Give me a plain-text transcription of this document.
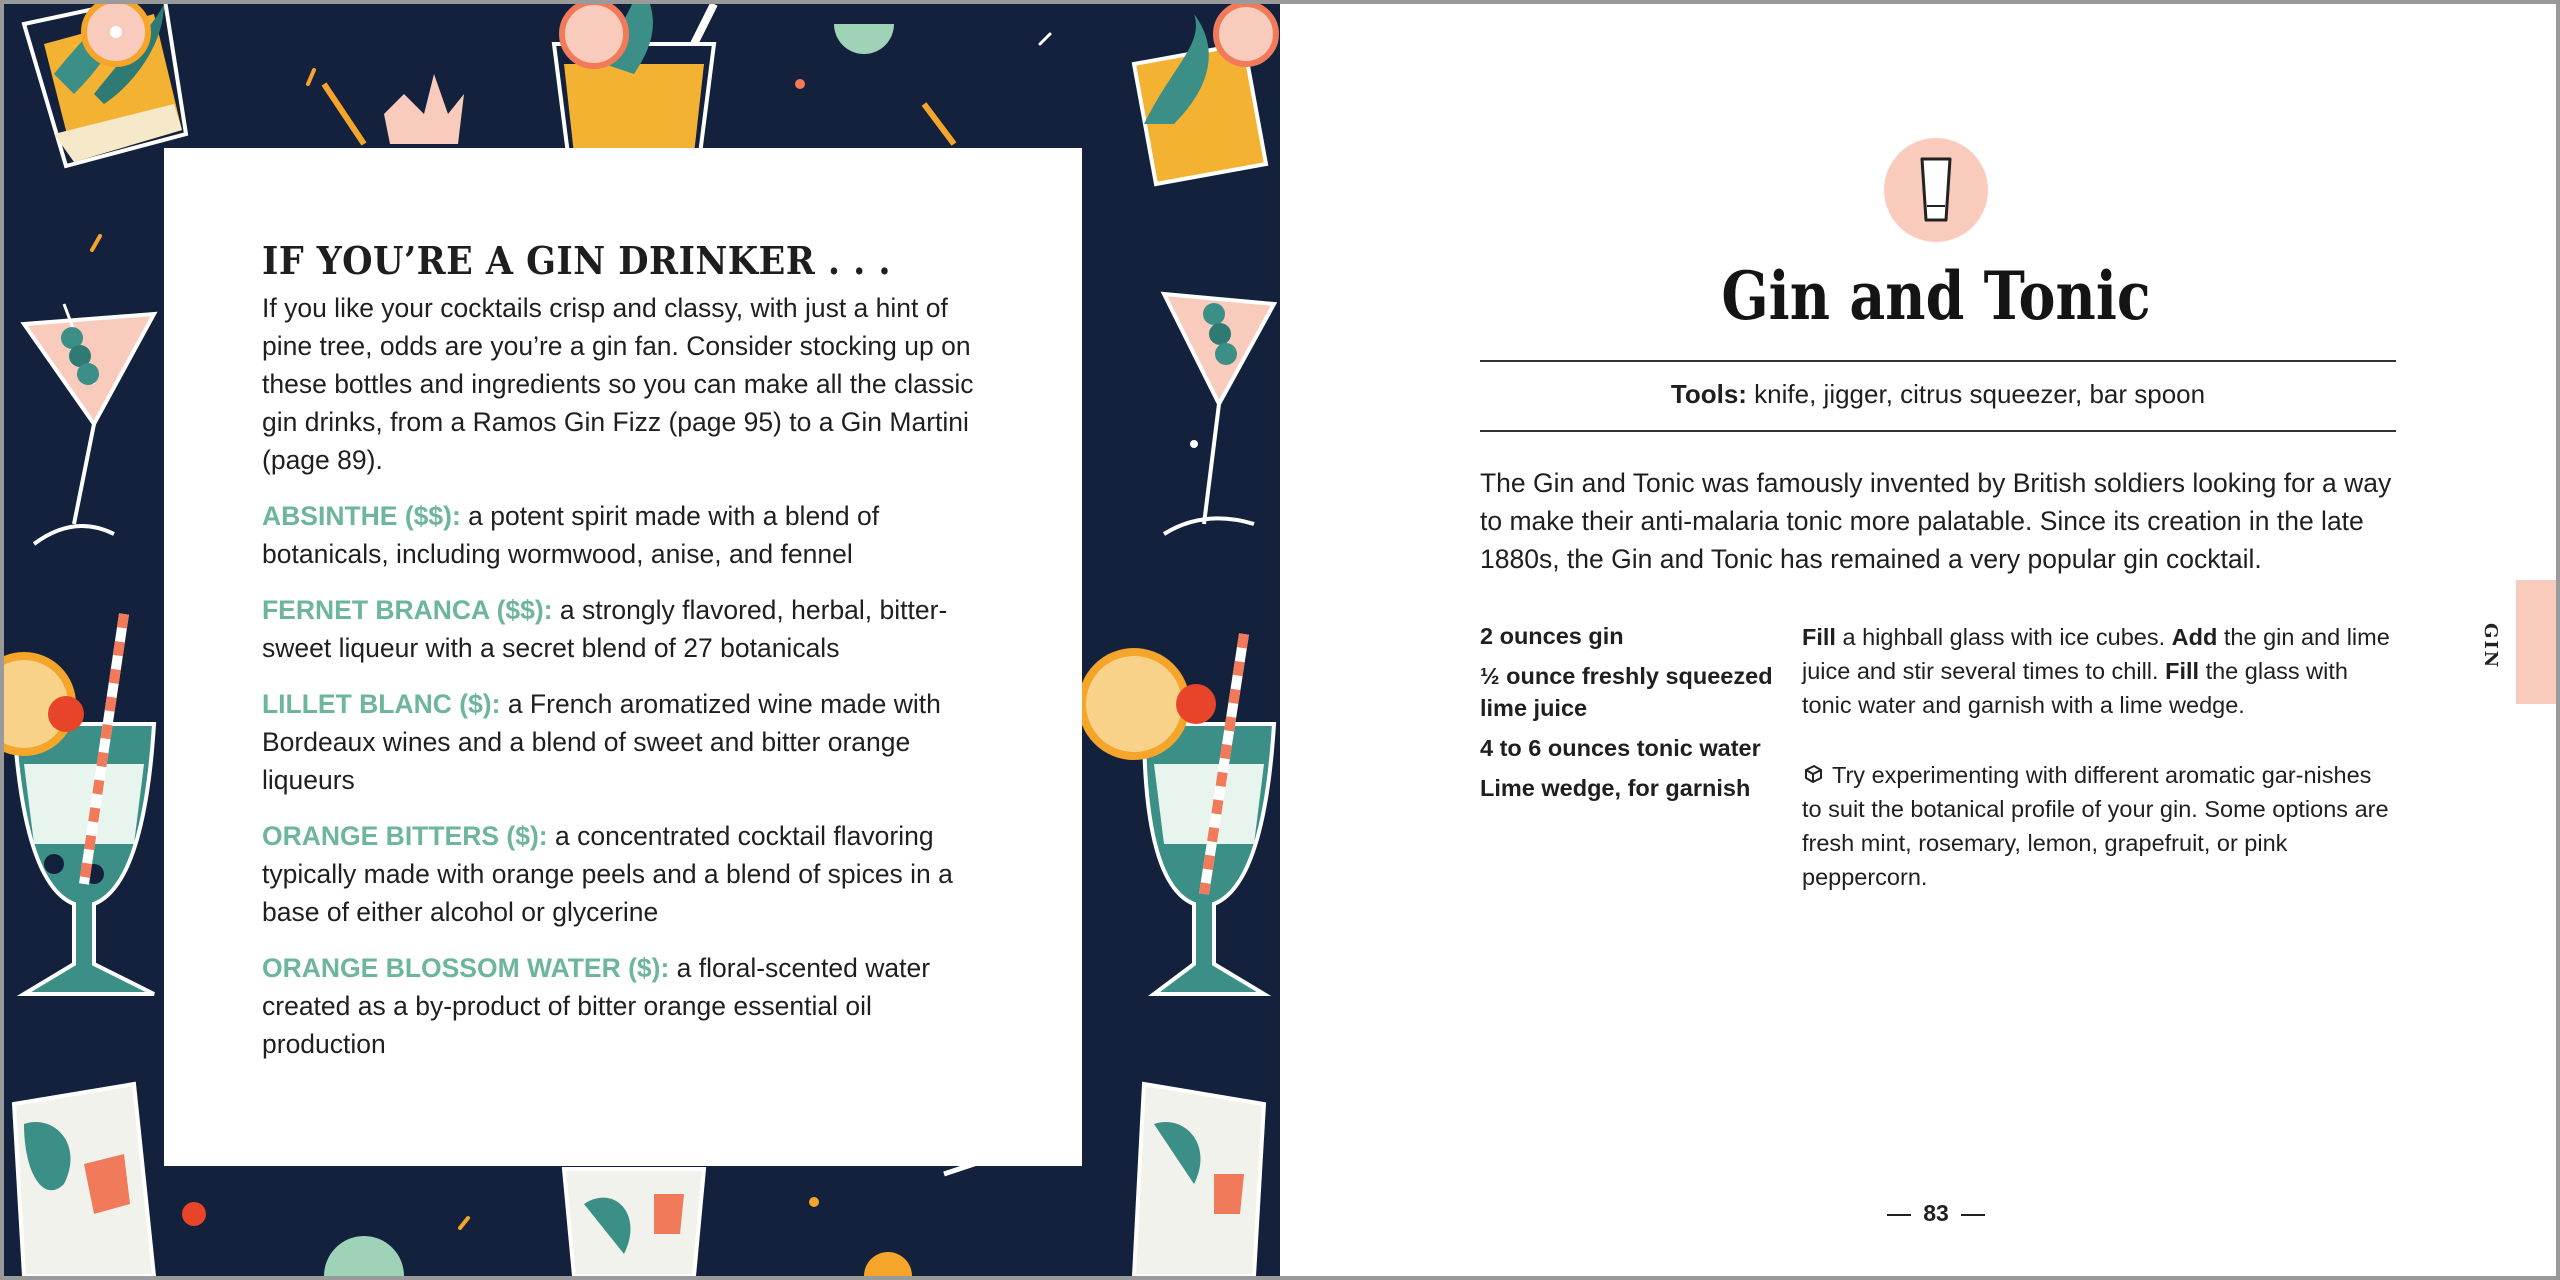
IF YOU’RE A GIN DRINKER . . .

If you like your cocktails crisp and classy, with just a hint of pine tree, odds are you’re a gin fan. Consider stocking up on these bottles and ingredients so you can make all the classic gin drinks, from a Ramos Gin Fizz (page 95) to a Gin Martini (page 89).

ABSINTHE ($$): a potent spirit made with a blend of botanicals, including wormwood, anise, and fennel

FERNET BRANCA ($$): a strongly flavored, herbal, bitter-sweet liqueur with a secret blend of 27 botanicals

LILLET BLANC ($): a French aromatized wine made with Bordeaux wines and a blend of sweet and bitter orange liqueurs

ORANGE BITTERS ($): a concentrated cocktail flavoring typically made with orange peels and a blend of spices in a base of either alcohol or glycerine

ORANGE BLOSSOM WATER ($): a floral-scented water created as a by-product of bitter orange essential oil production

Gin and Tonic

Tools: knife, jigger, citrus squeezer, bar spoon

The Gin and Tonic was famously invented by British soldiers looking for a way to make their anti-malaria tonic more palatable. Since its creation in the late 1880s, the Gin and Tonic has remained a very popular gin cocktail.

2 ounces gin
½ ounce freshly squeezed lime juice
4 to 6 ounces tonic water
Lime wedge, for garnish

Fill a highball glass with ice cubes. Add the gin and lime juice and stir several times to chill. Fill the glass with tonic water and garnish with a lime wedge.

Try experimenting with different aromatic gar-nishes to suit the botanical profile of your gin. Some options are fresh mint, rosemary, lemon, grapefruit, or pink peppercorn.

GIN
83
